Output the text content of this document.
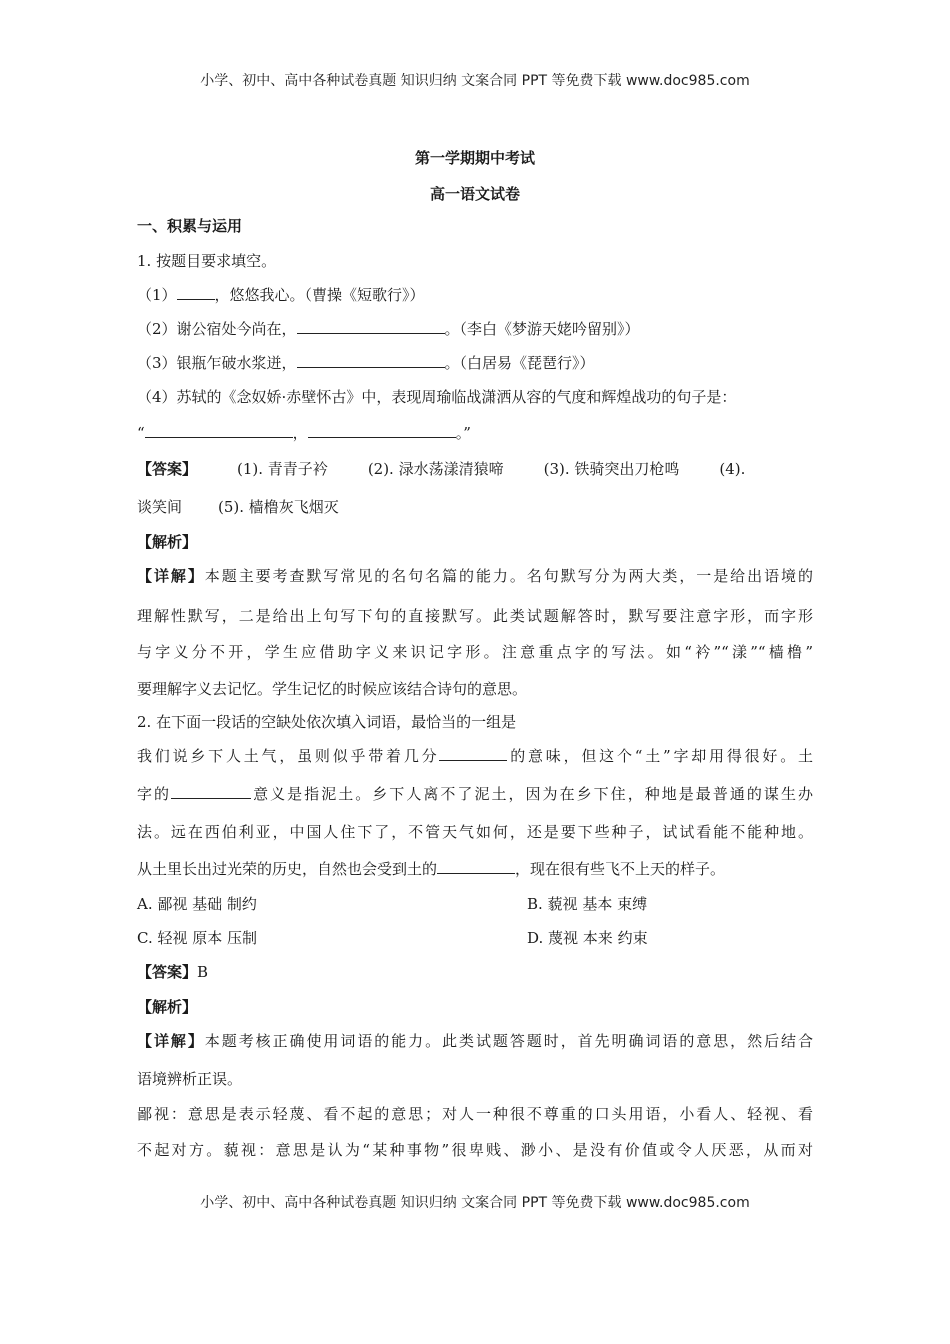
小学、初中、高中各种试卷真题 知识归纳 文案合同 PPT 等免费下载 www.doc985.com
第一学期期中考试
高一语文试卷
一、积累与运用
1. 按题目要求填空。
（1）	，悠悠我心。（曹操《短歌行》）
（2）谢公宿处今尚在，	。（李白《梦游天姥吟留别》）
（3）银瓶乍破水浆迸，	。（白居易《琵琶行》）
（4）苏轼的《念奴娇·赤壁怀古》中，表现周瑜临战潇洒从容的气度和辉煌战功的句子是：
“	，	。”
【答案】	(1). 青青子衿	(2). 渌水荡漾清猿啼	(3). 铁骑突出刀枪鸣	(4).
谈笑间 (5). 樯橹灰飞烟灭
【解析】
【详解】本题主要考查默写常见的名句名篇的能力。名句默写分为两大类，一是给出语境的
理解性默写，二是给出上句写下句的直接默写。此类试题解答时，默写要注意字形，而字形
与字义分不开，学生应借助字义来识记字形。注意重点字的写法。如“衿”“漾”“樯橹”
要理解字义去记忆。学生记忆的时候应该结合诗句的意思。
2. 在下面一段话的空缺处依次填入词语，最恰当的一组是
我们说乡下人土气，虽则似乎带着几分	的意味，但这个“土”字却用得很好。土
字的	意义是指泥土。乡下人离不了泥土，因为在乡下住，种地是最普通的谋生办
法。远在西伯利亚，中国人住下了，不管天气如何，还是要下些种子，试试看能不能种地。
从土里长出过光荣的历史，自然也会受到土的	，现在很有些飞不上天的样子。
A. 鄙视 基础 制约	B. 藐视 基本 束缚
C. 轻视 原本 压制	D. 蔑视 本来 约束
【答案】B
【解析】
【详解】本题考核正确使用词语的能力。此类试题答题时，首先明确词语的意思，然后结合
语境辨析正误。
鄙视：意思是表示轻蔑、看不起的意思；对人一种很不尊重的口头用语，小看人、轻视、看
不起对方。藐视：意思是认为“某种事物”很卑贱、渺小、是没有价值或令人厌恶，从而对
小学、初中、高中各种试卷真题 知识归纳 文案合同 PPT 等免费下载 www.doc985.com
